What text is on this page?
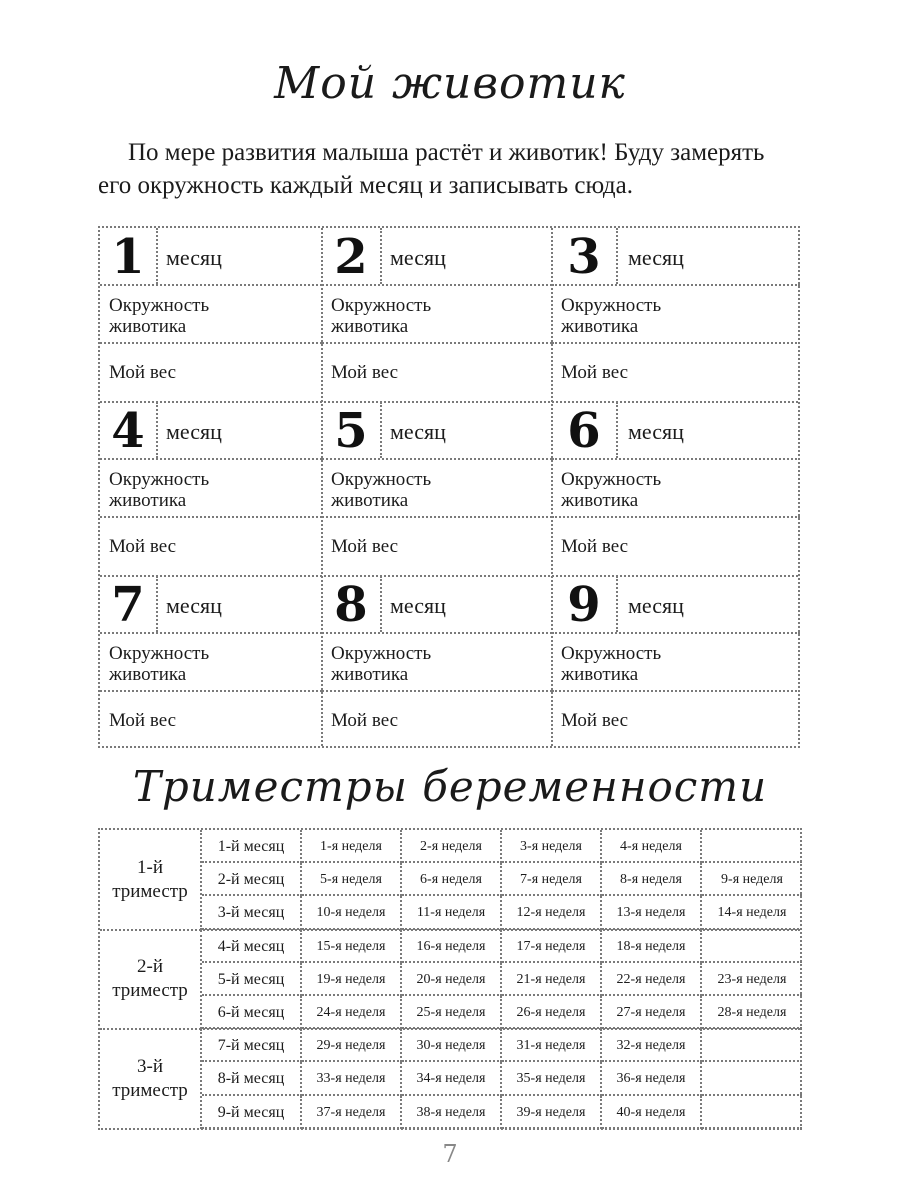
Мой животик
По мере развития малыша растёт и животик! Буду замерять
его окружность каждый месяц и записывать сюда.
1 месяц
Окружность
животика
Мой вес
2	месяц
Окружность
животика
Мой вес
3	месяц
Окружность
животика
Мой вес
4 месяц
Окружность
животика
Мой вес
5	месяц
Окружность
животика
Мой вес
6	месяц
Окружность
животика
Мой вес
7 месяц
Окружность
животика
Мой вес
8	месяц
Окружность
животика
Мой вес
9	месяц
Окружность
животика
Мой вес
Триместры беременности
1-й
триместр
1-й месяц	1-я неделя	2-я неделя	3-я неделя	4-я неделя
2-й месяц	5-я неделя	6-я неделя	7-я неделя	8-я неделя	9-я неделя
3-й месяц	10-я неделя	11-я неделя	12-я неделя	13-я неделя	14-я неделя
2-й
триместр
4-й месяц	15-я неделя	16-я неделя	17-я неделя	18-я неделя
5-й месяц	19-я неделя	20-я неделя	21-я неделя	22-я неделя	23-я неделя
6-й месяц	24-я неделя	25-я неделя	26-я неделя	27-я неделя	28-я неделя
3-й
триместр
7-й месяц	29-я неделя	30-я неделя	31-я неделя	32-я неделя
8-й месяц	33-я неделя	34-я неделя	35-я неделя	36-я неделя
9-й месяц	37-я неделя	38-я неделя	39-я неделя	40-я неделя
7
